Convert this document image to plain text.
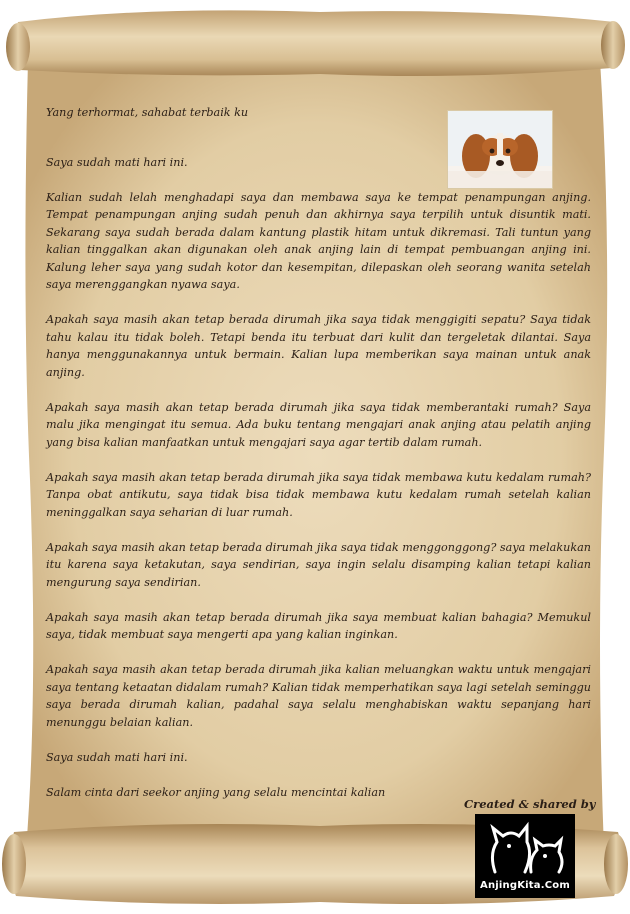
Yang terhormat, sahabat terbaik ku

Saya sudah mati hari ini.

Kalian sudah lelah menghadapi saya dan membawa saya ke tempat penampungan anjing. Tempat penampungan anjing sudah penuh dan akhirnya saya terpilih untuk disuntik mati. Sekarang saya sudah berada dalam kantung plastik hitam untuk dikremasi. Tali tuntun yang kalian tinggalkan akan digunakan oleh anak anjing lain di tempat pembuangan anjing ini. Kalung leher saya yang sudah kotor dan kesempitan, dilepaskan oleh seorang wanita setelah saya merenggangkan nyawa saya.

Apakah saya masih akan tetap berada dirumah jika saya tidak menggigiti sepatu? Saya tidak tahu kalau itu tidak boleh. Tetapi benda itu terbuat dari kulit dan tergeletak dilantai. Saya hanya menggunakannya untuk bermain. Kalian lupa memberikan saya mainan untuk anak anjing.

Apakah saya masih akan tetap berada dirumah jika saya tidak memberantaki rumah? Saya malu jika mengingat itu semua. Ada buku tentang mengajari anak anjing atau pelatih anjing yang bisa kalian manfaatkan untuk mengajari saya agar tertib dalam rumah.

Apakah saya masih akan tetap berada dirumah jika saya tidak membawa kutu kedalam rumah? Tanpa obat antikutu, saya tidak bisa tidak membawa kutu kedalam rumah setelah kalian meninggalkan saya seharian di luar rumah.

Apakah saya masih akan tetap berada dirumah jika saya tidak menggonggong? saya melakukan itu karena saya ketakutan, saya sendirian, saya ingin selalu disamping kalian tetapi kalian mengurung saya sendirian.

Apakah saya masih akan tetap berada dirumah jika saya membuat kalian bahagia? Memukul saya, tidak membuat saya mengerti apa yang kalian inginkan.

Apakah saya masih akan tetap berada dirumah jika kalian meluangkan waktu untuk mengajari saya tentang ketaatan didalam rumah? Kalian tidak memperhatikan saya lagi setelah seminggu saya berada dirumah kalian, padahal saya selalu menghabiskan waktu sepanjang hari menunggu belaian kalian.

Saya sudah mati hari ini.

Salam cinta dari seekor anjing yang selalu mencintai kalian

Created & shared by
AnjingKita.Com
